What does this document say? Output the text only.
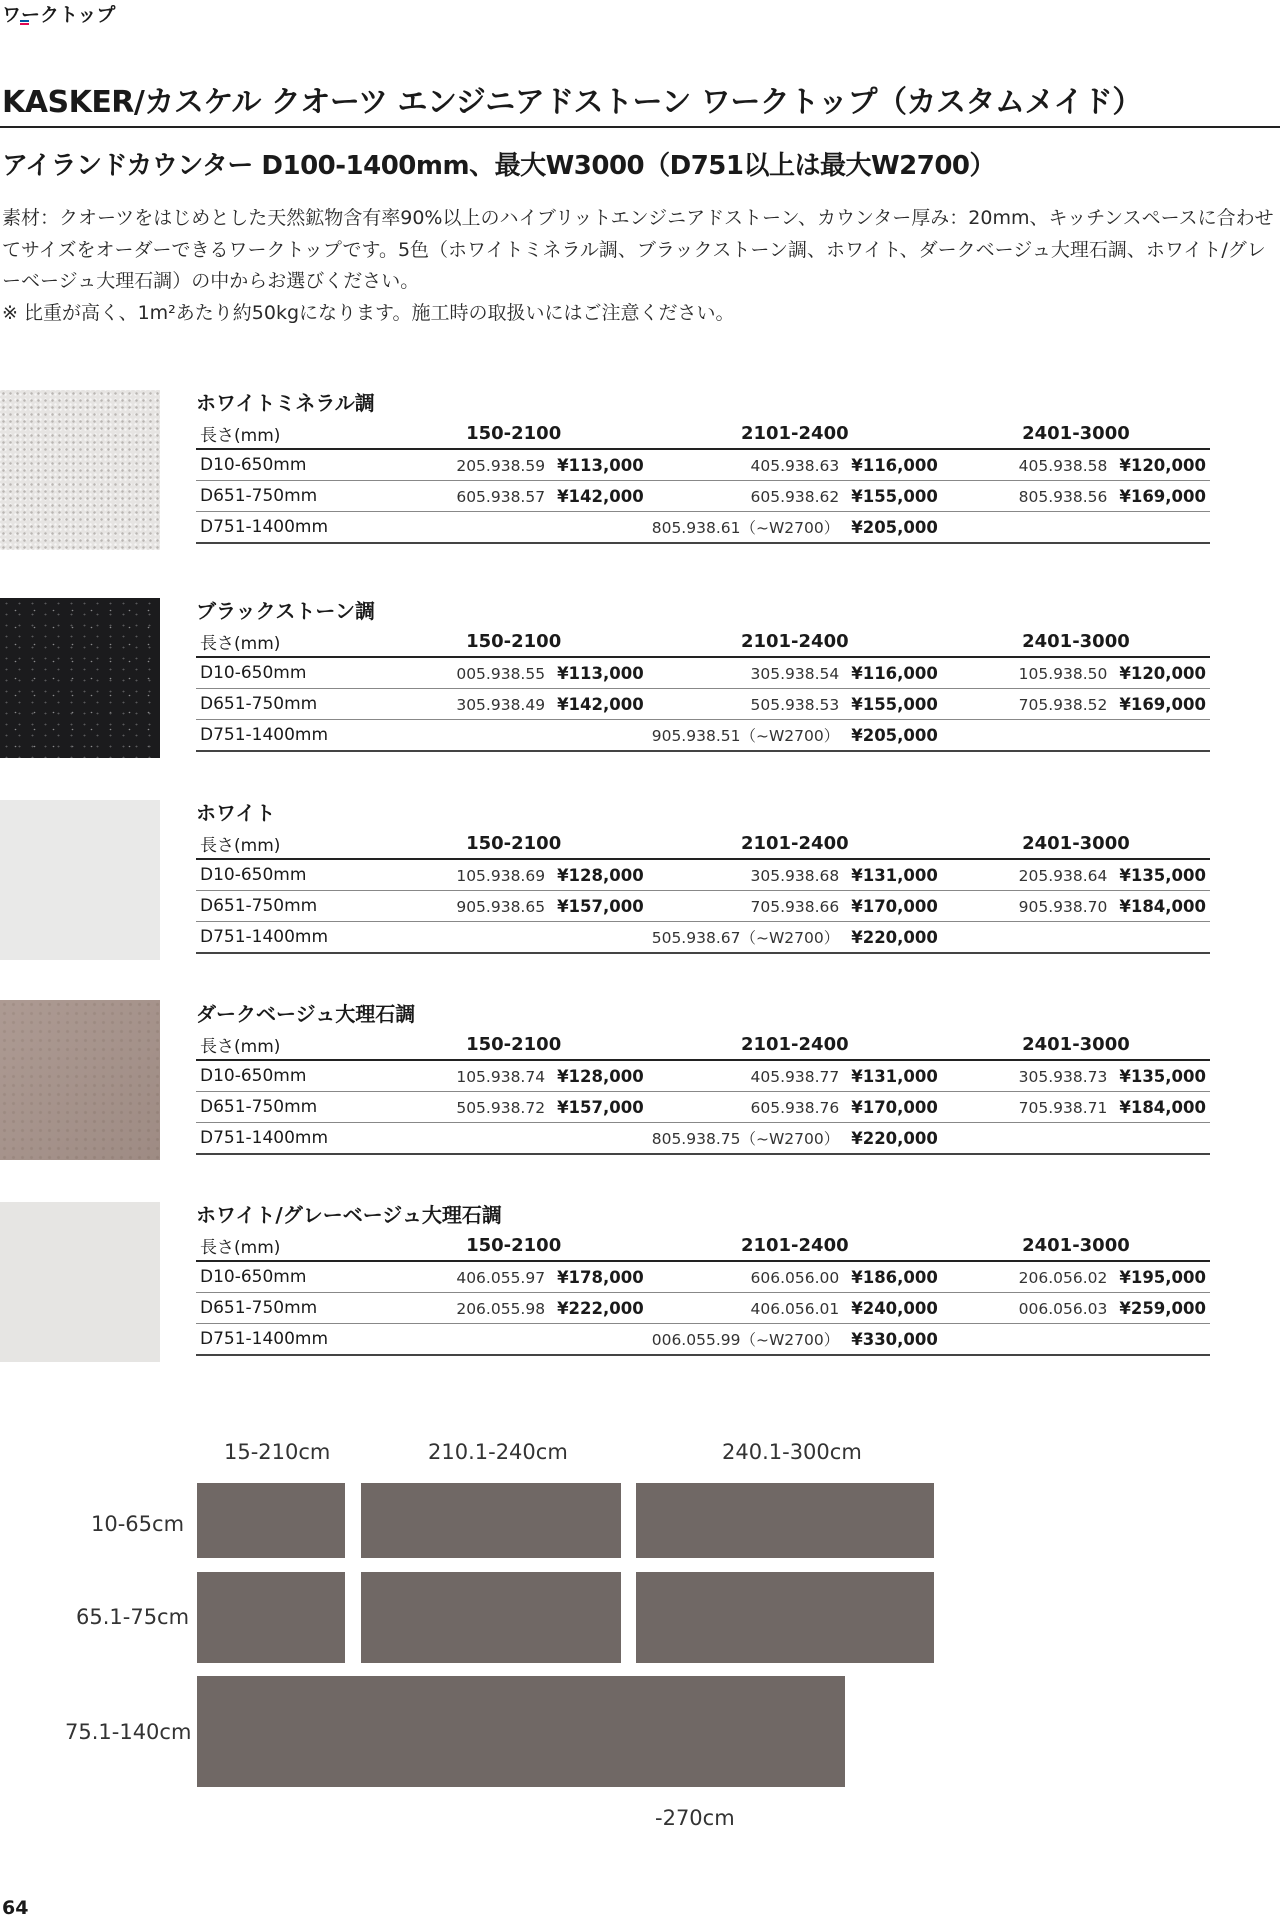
ワークトップ
KASKER/カスケル クオーツ エンジニアドストーン ワークトップ（カスタムメイド）
アイランドカウンター D100-1400mm、最大W3000（D751以上は最大W2700）

素材：クオーツをはじめとした天然鉱物含有率90%以上のハイブリットエンジニアドストーン、カウンター厚み：20mm、キッチンスペースに合わせてサイズをオーダーできるワークトップです。5色（ホワイトミネラル調、ブラックストーン調、ホワイト、ダークベージュ大理石調、ホワイト/グレーベージュ大理石調）の中からお選びください。

※ 比重が高く、1m²あたり約50kgになります。施工時の取扱いにはご注意ください。

ホワイトミネラル調
長さ(mm)	150-2100	2101-2400	2401-3000
D10-650mm	205.938.59 ¥113,000	405.938.63 ¥116,000	405.938.58 ¥120,000
D651-750mm	605.938.57 ¥142,000	605.938.62 ¥155,000	805.938.56 ¥169,000
D751-1400mm		805.938.61（~W2700） ¥205,000	
ブラックストーン調
長さ(mm)	150-2100	2101-2400	2401-3000
D10-650mm	005.938.55 ¥113,000	305.938.54 ¥116,000	105.938.50 ¥120,000
D651-750mm	305.938.49 ¥142,000	505.938.53 ¥155,000	705.938.52 ¥169,000
D751-1400mm		905.938.51（~W2700） ¥205,000	
ホワイト
長さ(mm)	150-2100	2101-2400	2401-3000
D10-650mm	105.938.69 ¥128,000	305.938.68 ¥131,000	205.938.64 ¥135,000
D651-750mm	905.938.65 ¥157,000	705.938.66 ¥170,000	905.938.70 ¥184,000
D751-1400mm		505.938.67（~W2700） ¥220,000	
ダークベージュ大理石調
長さ(mm)	150-2100	2101-2400	2401-3000
D10-650mm	105.938.74 ¥128,000	405.938.77 ¥131,000	305.938.73 ¥135,000
D651-750mm	505.938.72 ¥157,000	605.938.76 ¥170,000	705.938.71 ¥184,000
D751-1400mm		805.938.75（~W2700） ¥220,000	
ホワイト/グレーベージュ大理石調
長さ(mm)	150-2100	2101-2400	2401-3000
D10-650mm	406.055.97 ¥178,000	606.056.00 ¥186,000	206.056.02 ¥195,000
D651-750mm	206.055.98 ¥222,000	406.056.01 ¥240,000	006.056.03 ¥259,000
D751-1400mm		006.055.99（~W2700） ¥330,000	
15-210cm	210.1-240cm	240.1-300cm
10-65cm
65.1-75cm
75.1-140cm
-270cm
64
